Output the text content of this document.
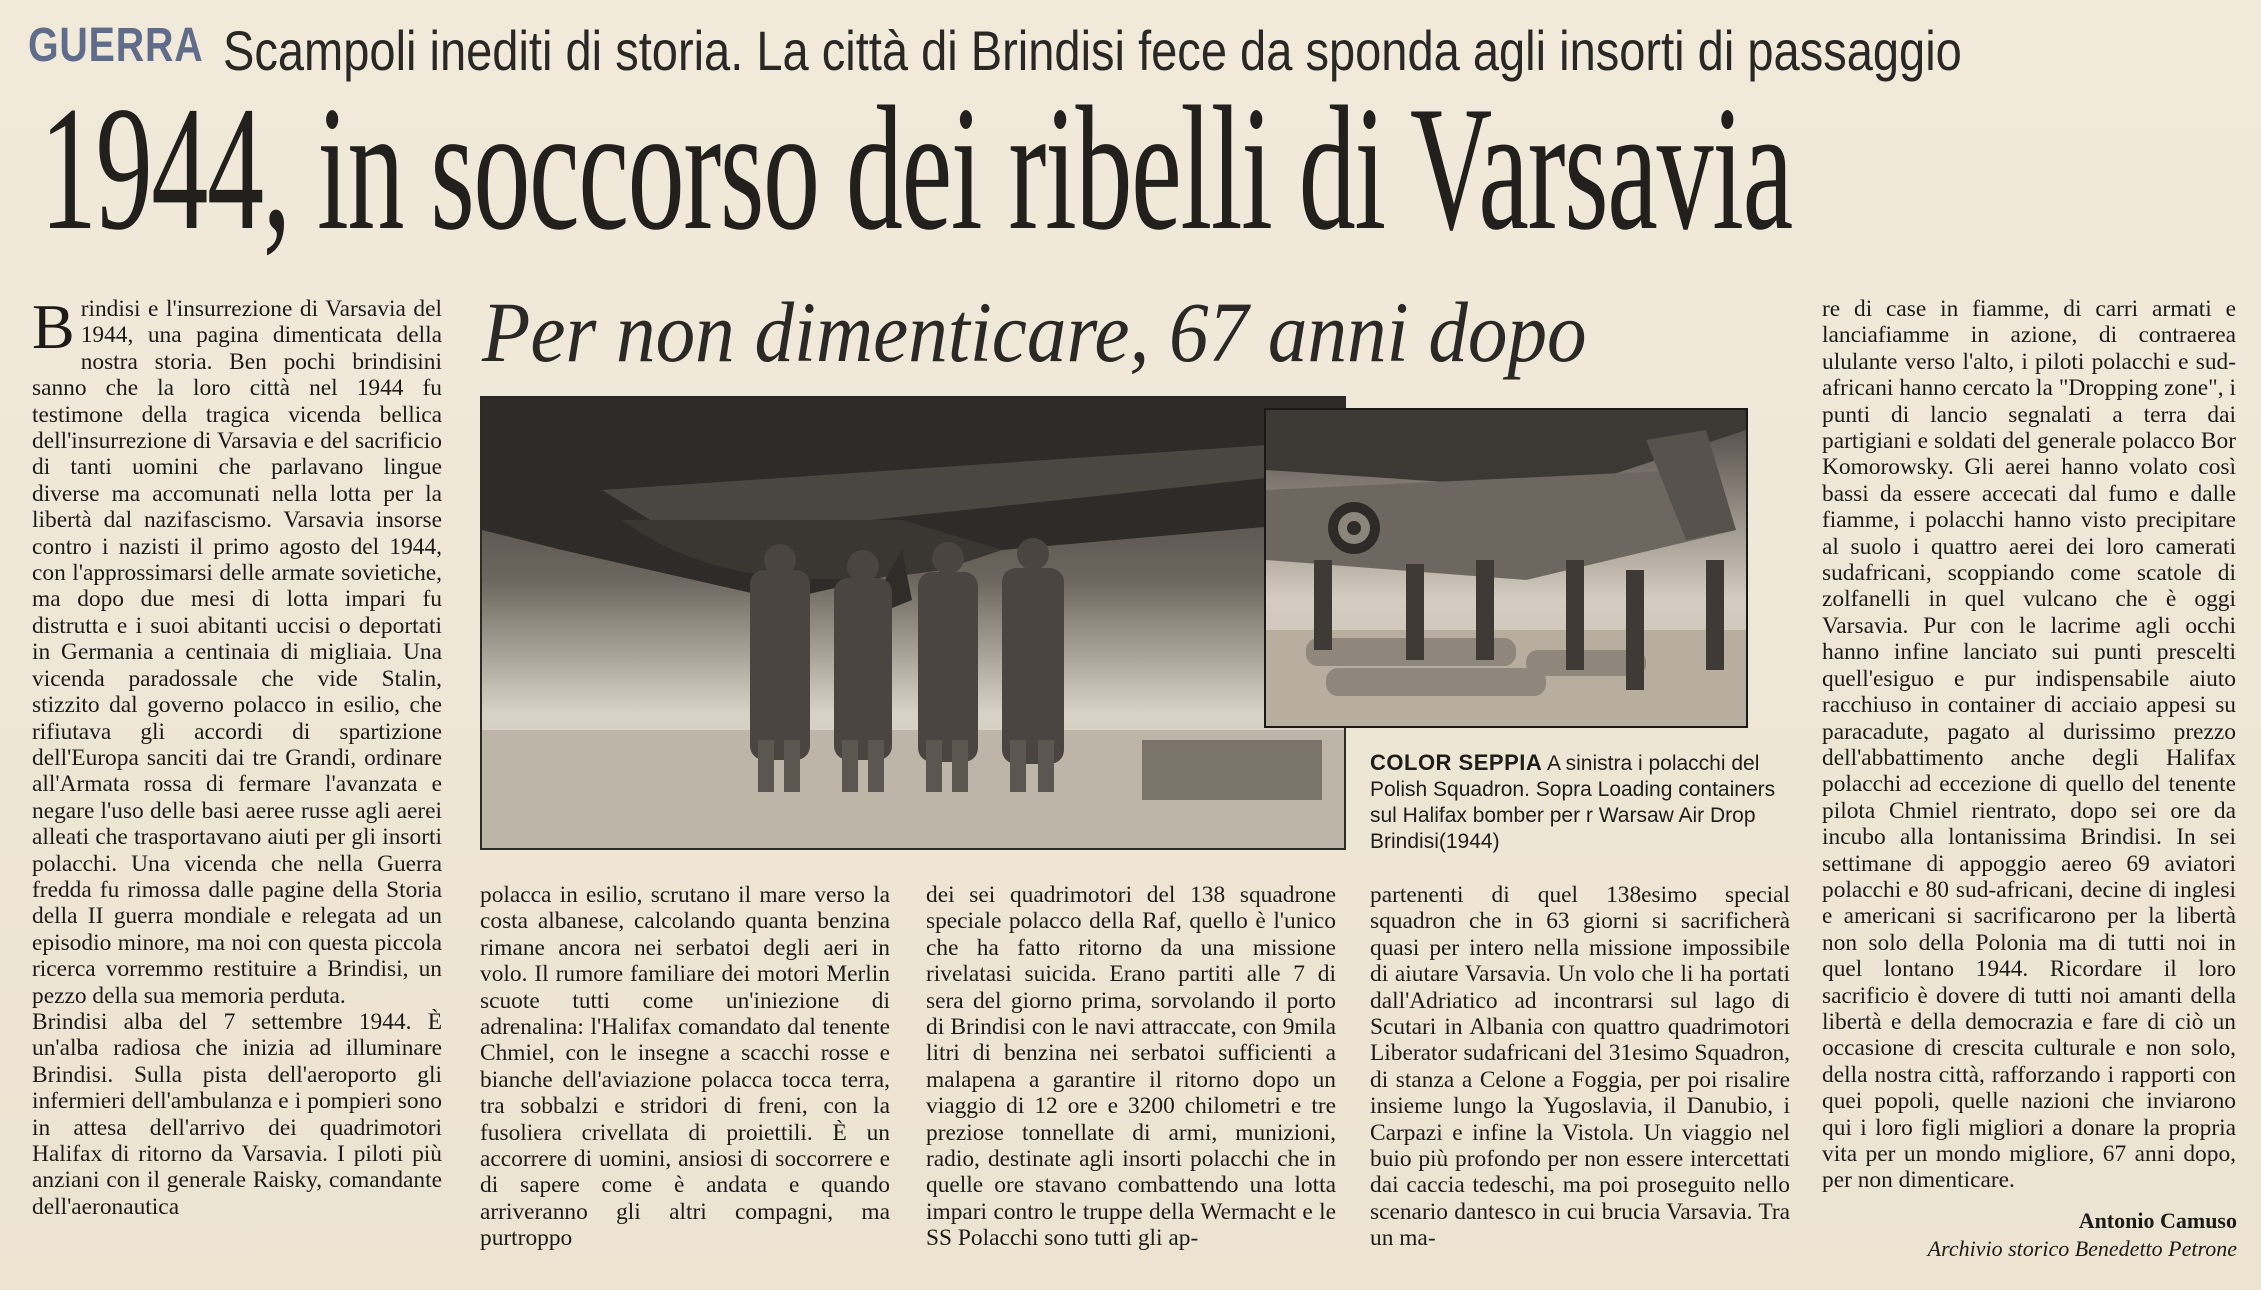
GUERRA Scampoli inediti di storia. La città di Brindisi fece da sponda agli insorti di passaggio
1944, in soccorso dei ribelli di Varsavia
Per non dimenticare, 67 anni dopo
B rindisi e l'insurrezione di Varsavia del 1944, una pagina dimenticata della nostra storia. Ben pochi brindisini sanno che la loro città nel 1944 fu testimone della tragica vicenda bellica dell'insurrezione di Varsavia e del sacrificio di tanti uomini che parlavano lingue diverse ma accomunati nella lotta per la libertà dal nazifascismo. Varsavia insorse contro i nazisti il primo agosto del 1944, con l'approssimarsi delle armate sovietiche, ma dopo due mesi di lotta impari fu distrutta e i suoi abitanti uccisi o deportati in Germania a centinaia di migliaia. Una vicenda paradossale che vide Stalin, stizzito dal governo polacco in esilio, che rifiutava gli accordi di spartizione dell'Europa sanciti dai tre Grandi, ordinare all'Armata rossa di fermare l'avanzata e negare l'uso delle basi aeree russe agli aerei alleati che trasportavano aiuti per gli insorti polacchi. Una vicenda che nella Guerra fredda fu rimossa dalle pagine della Storia della II guerra mondiale e relegata ad un episodio minore, ma noi con questa piccola ricerca vorremmo restituire a Brindisi, un pezzo della sua memoria perduta.

Brindisi alba del 7 settembre 1944. È un'alba radiosa che inizia ad illuminare Brindisi. Sulla pista dell'aeroporto gli infermieri dell'ambulanza e i pompieri sono in attesa dell'arrivo dei quadrimotori Halifax di ritorno da Varsavia. I piloti più anziani con il generale Raisky, comandante dell'aeronautica

COLOR SEPPIA A sinistra i polacchi del Polish Squadron. Sopra Loading containers sul Halifax bomber per r Warsaw Air Drop Brindisi(1944)

polacca in esilio, scrutano il mare verso la costa albanese, calcolando quanta benzina rimane ancora nei serbatoi degli aeri in volo. Il rumore familiare dei motori Merlin scuote tutti come un'iniezione di adrenalina: l'Halifax comandato dal tenente Chmiel, con le insegne a scacchi rosse e bianche dell'aviazione polacca tocca terra, tra sobbalzi e stridori di freni, con la fusoliera crivellata di proiettili. È un accorrere di uomini, ansiosi di soccorrere e di sapere come è andata e quando arriveranno gli altri compagni, ma purtroppo

dei sei quadrimotori del 138 squadrone speciale polacco della Raf, quello è l'unico che ha fatto ritorno da una missione rivelatasi suicida. Erano partiti alle 7 di sera del giorno prima, sorvolando il porto di Brindisi con le navi attraccate, con 9mila litri di benzina nei serbatoi sufficienti a malapena a garantire il ritorno dopo un viaggio di 12 ore e 3200 chilometri e tre preziose tonnellate di armi, munizioni, radio, destinate agli insorti polacchi che in quelle ore stavano combattendo una lotta impari contro le truppe della Wermacht e le SS Polacchi sono tutti gli ap-

partenenti di quel 138esimo special squadron che in 63 giorni si sacrificherà quasi per intero nella missione impossibile di aiutare Varsavia. Un volo che li ha portati dall'Adriatico ad incontrarsi sul lago di Scutari in Albania con quattro quadrimotori Liberator sudafricani del 31esimo Squadron, di stanza a Celone a Foggia, per poi risalire insieme lungo la Yugoslavia, il Danubio, i Carpazi e infine la Vistola. Un viaggio nel buio più profondo per non essere intercettati dai caccia tedeschi, ma poi proseguito nello scenario dantesco in cui brucia Varsavia. Tra un ma-

re di case in fiamme, di carri armati e lanciafiamme in azione, di contraerea ululante verso l'alto, i piloti polacchi e sud-africani hanno cercato la "Dropping zone", i punti di lancio segnalati a terra dai partigiani e soldati del generale polacco Bor Komorowsky. Gli aerei hanno volato così bassi da essere accecati dal fumo e dalle fiamme, i polacchi hanno visto precipitare al suolo i quattro aerei dei loro camerati sudafricani, scoppiando come scatole di zolfanelli in quel vulcano che è oggi Varsavia. Pur con le lacrime agli occhi hanno infine lanciato sui punti prescelti quell'esiguo e pur indispensabile aiuto racchiuso in container di acciaio appesi su paracadute, pagato al durissimo prezzo dell'abbattimento anche degli Halifax polacchi ad eccezione di quello del tenente pilota Chmiel rientrato, dopo sei ore da incubo alla lontanissima Brindisi. In sei settimane di appoggio aereo 69 aviatori polacchi e 80 sud-africani, decine di inglesi e americani si sacrificarono per la libertà non solo della Polonia ma di tutti noi in quel lontano 1944. Ricordare il loro sacrificio è dovere di tutti noi amanti della libertà e della democrazia e fare di ciò un occasione di crescita culturale e non solo, della nostra città, rafforzando i rapporti con quei popoli, quelle nazioni che inviarono qui i loro figli migliori a donare la propria vita per un mondo migliore, 67 anni dopo, per non dimenticare.

Antonio Camuso
Archivio storico Benedetto Petrone
